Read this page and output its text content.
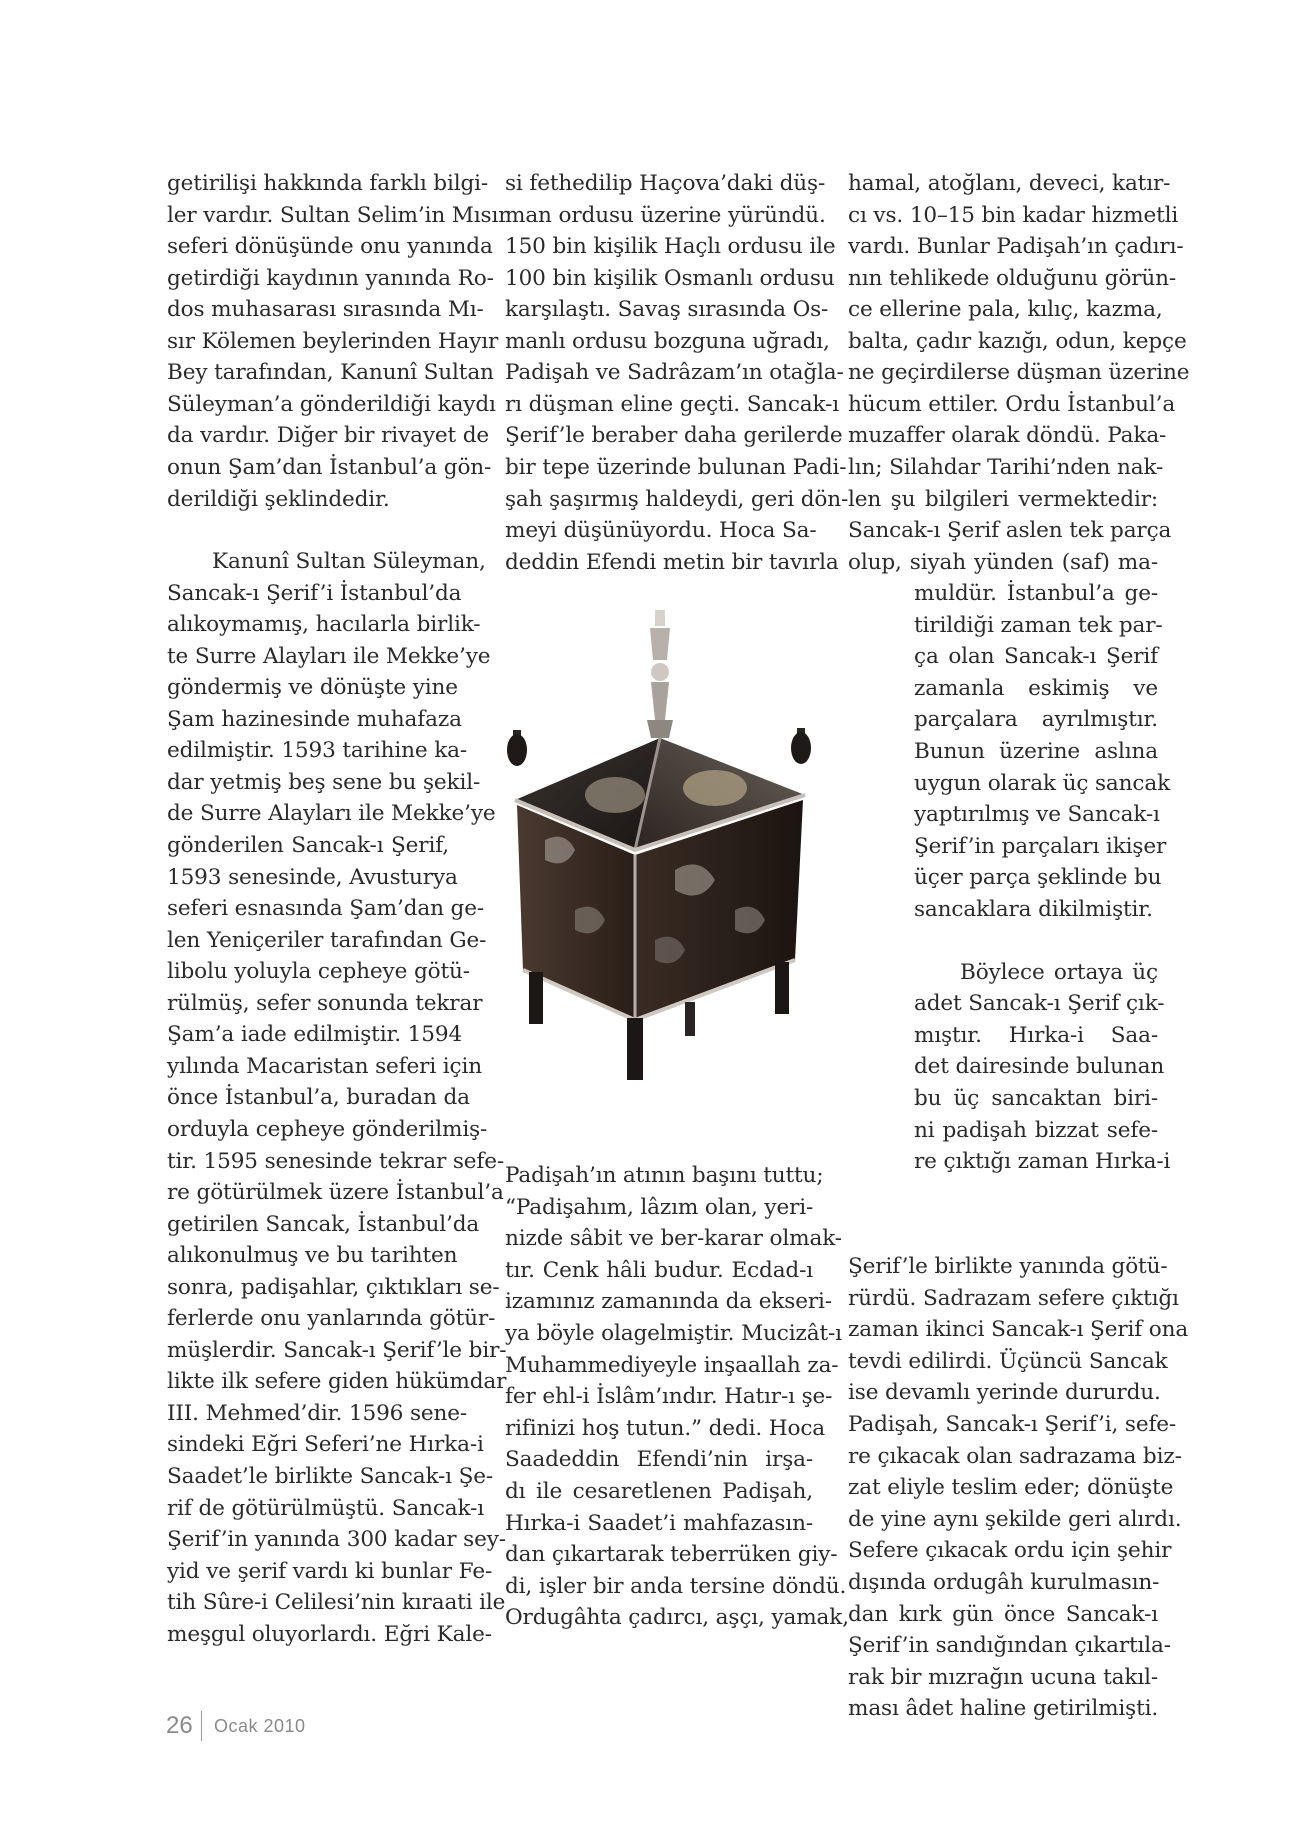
getirilişi hakkında farklı bilgi-
ler vardır. Sultan Selim’in Mısır
seferi dönüşünde onu yanında
getirdiği kaydının yanında Ro-
dos muhasarası sırasında Mı-
sır Kölemen beylerinden Hayır
Bey tarafından, Kanunî Sultan
Süleyman’a gönderildiği kaydı
da vardır. Diğer bir rivayet de
onun Şam’dan İstanbul’a gön-
derildiği şeklindedir.
Kanunî Sultan Süleyman,
Sancak-ı Şerif’i İstanbul’da
alıkoymamış, hacılarla birlik-
te Surre Alayları ile Mekke’ye
göndermiş ve dönüşte yine
Şam hazinesinde muhafaza
edilmiştir. 1593 tarihine ka-
dar yetmiş beş sene bu şekil-
de Surre Alayları ile Mekke’ye
gönderilen Sancak-ı Şerif,
1593 senesinde, Avusturya
seferi esnasında Şam’dan ge-
len Yeniçeriler tarafından Ge-
libolu yoluyla cepheye götü-
rülmüş, sefer sonunda tekrar
Şam’a iade edilmiştir. 1594
yılında Macaristan seferi için
önce İstanbul’a, buradan da
orduyla cepheye gönderilmiş-
tir. 1595 senesinde tekrar sefe-
re götürülmek üzere İstanbul’a
getirilen Sancak, İstanbul’da
alıkonulmuş ve bu tarihten
sonra, padişahlar, çıktıkları se-
ferlerde onu yanlarında götür-
müşlerdir. Sancak-ı Şerif’le bir-
likte ilk sefere giden hükümdar
III. Mehmed’dir. 1596 sene-
sindeki Eğri Seferi’ne Hırka-i
Saadet’le birlikte Sancak-ı Şe-
rif de götürülmüştü. Sancak-ı
Şerif’in yanında 300 kadar sey-
yid ve şerif vardı ki bunlar Fe-
tih Sûre-i Celilesi’nin kıraati ile
meşgul oluyorlardı. Eğri Kale-
si fethedilip Haçova’daki düş-
man ordusu üzerine yüründü.
150 bin kişilik Haçlı ordusu ile
100 bin kişilik Osmanlı ordusu
karşılaştı. Savaş sırasında Os-
manlı ordusu bozguna uğradı,
Padişah ve Sadrâzam’ın otağla-
rı düşman eline geçti. Sancak-ı
Şerif’le beraber daha gerilerde
bir tepe üzerinde bulunan Padi-
şah şaşırmış haldeydi, geri dön-
meyi düşünüyordu. Hoca Sa-
deddin Efendi metin bir tavırla
Padişah’ın atının başını tuttu;
“Padişahım, lâzım olan, yeri-
nizde sâbit ve ber-karar olmak-
tır. Cenk hâli budur. Ecdad-ı
izamınız zamanında da ekseri-
ya böyle olagelmiştir. Mucizât-ı
Muhammediyeyle inşaallah za-
fer ehl-i İslâm’ındır. Hatır-ı şe-
rifinizi hoş tutun.” dedi. Hoca
Saadeddin Efendi’nin irşa-
dı ile cesaretlenen Padişah,
Hırka-i Saadet’i mahfazasın-
dan çıkartarak teberrüken giy-
di, işler bir anda tersine döndü.
Ordugâhta çadırcı, aşçı, yamak,
hamal, atoğlanı, deveci, katır-
cı vs. 10–15 bin kadar hizmetli
vardı. Bunlar Padişah’ın çadırı-
nın tehlikede olduğunu görün-
ce ellerine pala, kılıç, kazma,
balta, çadır kazığı, odun, kepçe
ne geçirdilerse düşman üzerine
hücum ettiler. Ordu İstanbul’a
muzaffer olarak döndü. Paka-
lın; Silahdar Tarihi’nden nak-
len şu bilgileri vermektedir:
Sancak-ı Şerif aslen tek parça
olup, siyah yünden (saf) ma-
muldür. İstanbul’a ge-
tirildiği zaman tek par-
ça olan Sancak-ı Şerif
zamanla eskimiş ve
parçalara ayrılmıştır.
Bunun üzerine aslına
uygun olarak üç sancak
yaptırılmış ve Sancak-ı
Şerif’in parçaları ikişer
üçer parça şeklinde bu
sancaklara dikilmiştir.
Böylece ortaya üç
adet Sancak-ı Şerif çık-
mıştır. Hırka-i Saa-
det dairesinde bulunan
bu üç sancaktan biri-
ni padişah bizzat sefe-
re çıktığı zaman Hırka-i
Şerif’le birlikte yanında götü-
rürdü. Sadrazam sefere çıktığı
zaman ikinci Sancak-ı Şerif ona
tevdi edilirdi. Üçüncü Sancak
ise devamlı yerinde dururdu.
Padişah, Sancak-ı Şerif’i, sefe-
re çıkacak olan sadrazama biz-
zat eliyle teslim eder; dönüşte
de yine aynı şekilde geri alırdı.
Sefere çıkacak ordu için şehir
dışında ordugâh kurulmasın-
dan kırk gün önce Sancak-ı
Şerif’in sandığından çıkartıla-
rak bir mızrağın ucuna takıl-
ması âdet haline getirilmişti.
26 Ocak 2010
